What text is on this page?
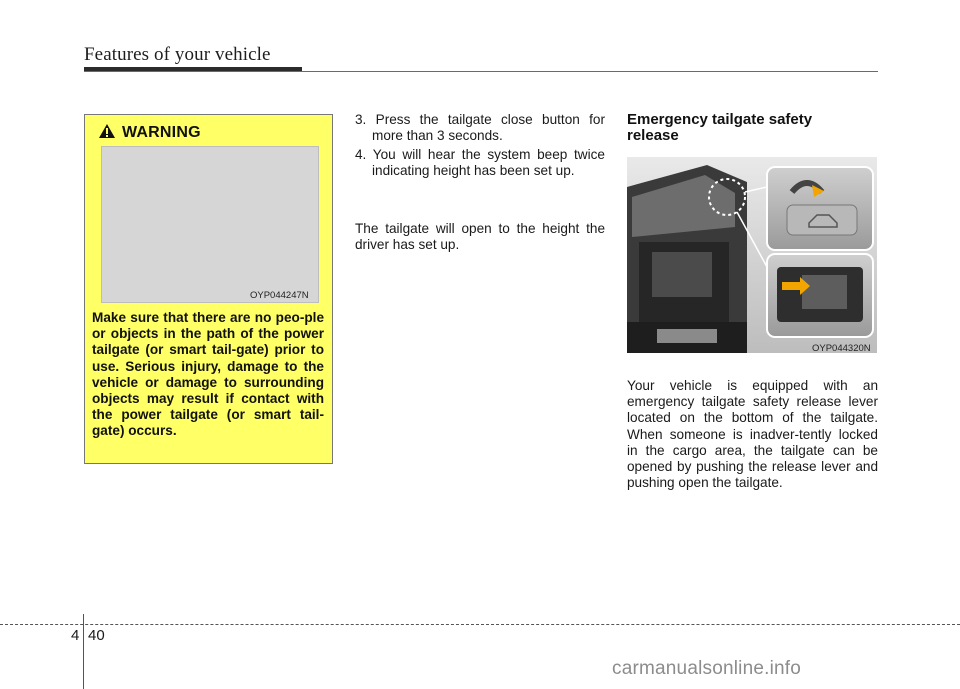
Features of your vehicle
WARNING
OYP044247N
Make sure that there are no peo-ple or objects in the path of the power tailgate (or smart tail-gate) prior to use. Serious injury, damage to the vehicle or damage to surrounding objects may result if contact with the power tailgate (or smart tail-gate) occurs.
3. Press the tailgate close button for more than 3 seconds.
4. You will hear the system beep twice indicating height has been set up.
The tailgate will open to the height the driver has set up.
Emergency tailgate safety release
OYP044320N
Your vehicle is equipped with an emergency tailgate safety release lever located on the bottom of the tailgate. When someone is inadver-tently locked in the cargo area, the tailgate can be opened by pushing the release lever and pushing open the tailgate.
4 40
carmanualsonline.info
